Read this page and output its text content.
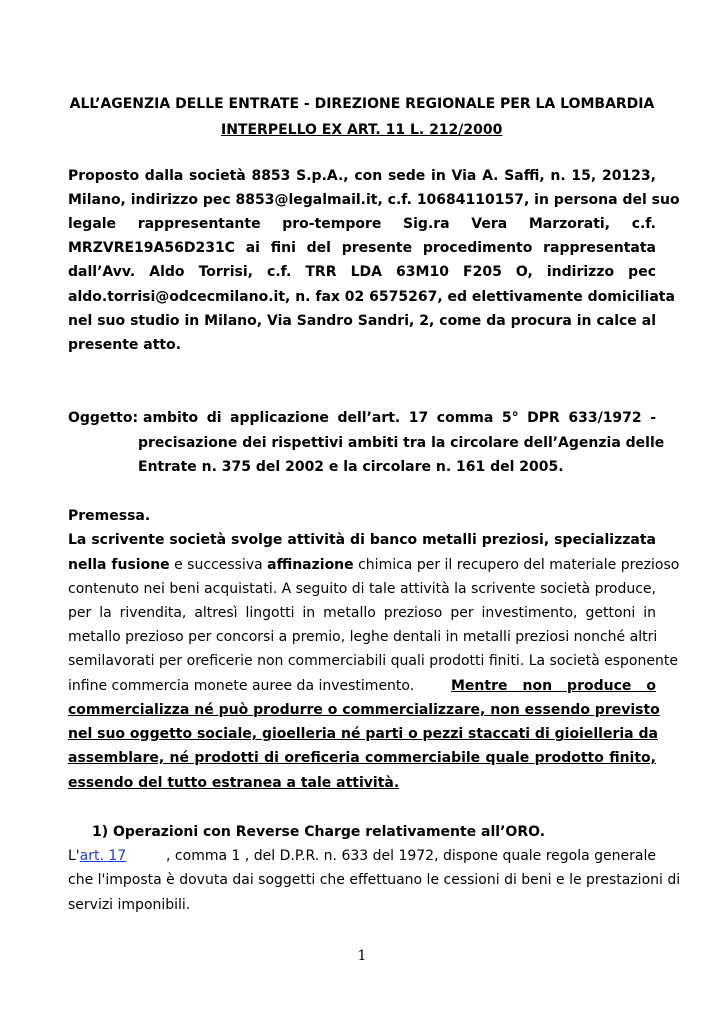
ALL’AGENZIA DELLE ENTRATE - DIREZIONE REGIONALE PER LA LOMBARDIA
INTERPELLO EX ART. 11 L. 212/2000
Proposto dalla società 8853 S.p.A., con sede in Via A. Saffi, n. 15, 20123,
Milano, indirizzo pec 8853@legalmail.it, c.f. 10684110157, in persona del suo
legale rappresentante pro-tempore Sig.ra Vera Marzorati, c.f.
MRZVRE19A56D231C ai fini del presente procedimento rappresentata
dall’Avv. Aldo Torrisi, c.f. TRR LDA 63M10 F205 O, indirizzo pec
aldo.torrisi@odcecmilano.it, n. fax 02 6575267, ed elettivamente domiciliata
nel suo studio in Milano, Via Sandro Sandri, 2, come da procura in calce al
presente atto.
Oggetto: ambito di applicazione dell’art. 17 comma 5° DPR 633/1972 -
precisazione dei rispettivi ambiti tra la circolare dell’Agenzia delle
Entrate n. 375 del 2002 e la circolare n. 161 del 2005.
Premessa.
La scrivente società svolge attività di banco metalli preziosi, specializzata
nella fusione e successiva affinazione chimica per il recupero del materiale prezioso
contenuto nei beni acquistati. A seguito di tale attività la scrivente società produce,
per la rivendita, altresì lingotti in metallo prezioso per investimento, gettoni in
metallo prezioso per concorsi a premio, leghe dentali in metalli preziosi nonché altri
semilavorati per oreficerie non commerciabili quali prodotti finiti. La società esponente
infine commercia monete auree da investimento.	Mentre non produce o
commercializza né può produrre o commercializzare, non essendo previsto
nel suo oggetto sociale, gioelleria né parti o pezzi staccati di gioielleria da
assemblare, né prodotti di oreficeria commerciabile quale prodotto finito,
essendo del tutto estranea a tale attività.
1) Operazioni con Reverse Charge relativamente all’ORO.
L'art. 17	, comma 1 , del D.P.R. n. 633 del 1972, dispone quale regola generale
che l'imposta è dovuta dai soggetti che effettuano le cessioni di beni e le prestazioni di
servizi imponibili.
1
